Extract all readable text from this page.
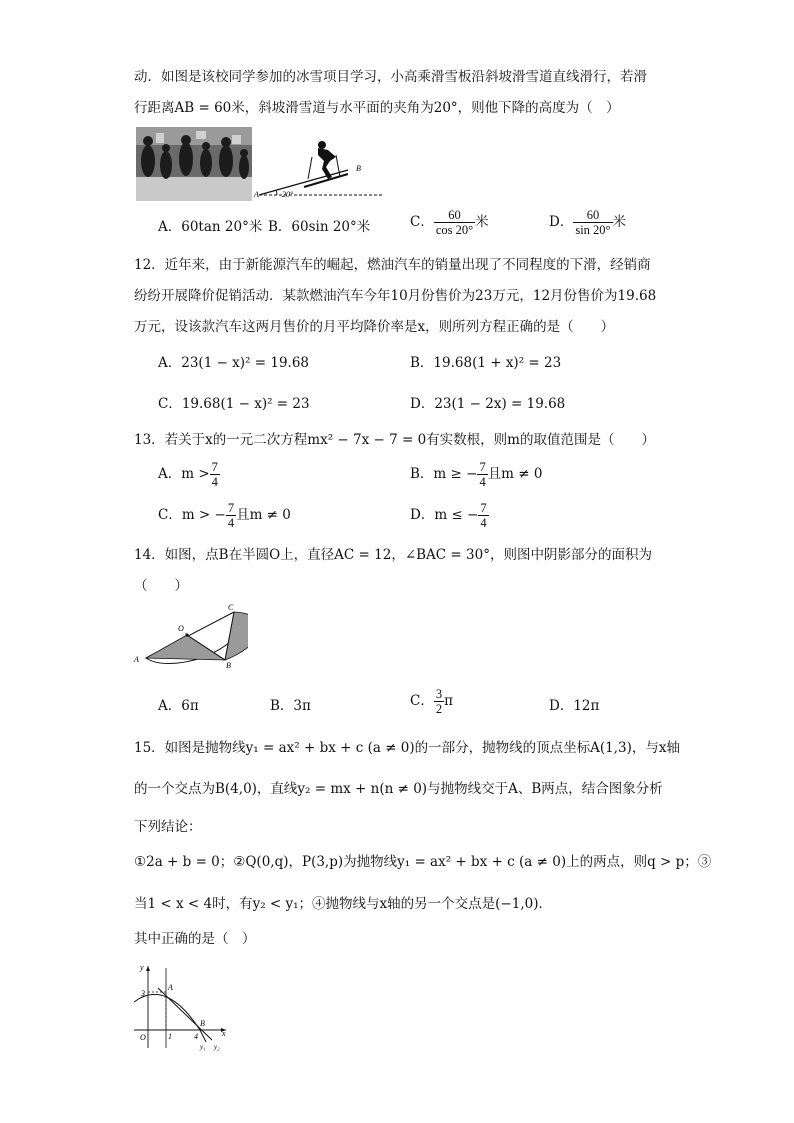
动．如图是该校同学参加的冰雪项目学习，小高乘滑雪板沿斜坡滑雪道直线滑行，若滑
行距离AB = 60米，斜坡滑雪道与水平面的夹角为20°，则他下降的高度为（　）
A
B
20°
A．60tan 20°米 B．60sin 20°米	C． $\frac{60}{\cos 20^\circ}$ 米	D． $\frac{60}{\sin 20^\circ}$ 米
12．近年来，由于新能源汽车的崛起，燃油汽车的销量出现了不同程度的下滑，经销商
纷纷开展降价促销活动．某款燃油汽车今年10月份售价为23万元，12月份售价为19.68
万元，设该款汽车这两月售价的月平均降价率是x，则所列方程正确的是（　　）
A．23(1 − x)² = 19.68	B．19.68(1 + x)² = 23
C．19.68(1 − x)² = 23	D．23(1 − 2x) = 19.68
13．若关于x的一元二次方程mx² − 7x − 7 = 0有实数根，则m的取值范围是（　　）
A．$m > \frac{7}{4}$	B．m ≥ − $\frac{7}{4}$ 且m ≠ 0
C．m > − $\frac{7}{4}$ 且m ≠ 0	D．m ≤ − $\frac{7}{4}$
14．如图，点B在半圆O上，直径AC = 12，∠BAC = 30°，则图中阴影部分的面积为
（　　）
A
B
C
O
A．6π	B．3π	C． $\frac{3}{2}$ π	D．12π
15．如图是抛物线y₁ = ax² + bx + c (a ≠ 0)的一部分，抛物线的顶点坐标A(1,3)，与x轴
的一个交点为B(4,0)，直线y₂ = mx + n(n ≠ 0)与抛物线交于A、B两点，结合图象分析
下列结论：
①2a + b = 0；②Q(0,q)，P(3,p)为抛物线y₁ = ax² + bx + c (a ≠ 0)上的两点，则q > p；③
当1 < x < 4时，有y₂ < y₁；④抛物线与x轴的另一个交点是(−1,0)．
其中正确的是（　）
y
x
O
A
B
3
1	4
y₁ y₂
